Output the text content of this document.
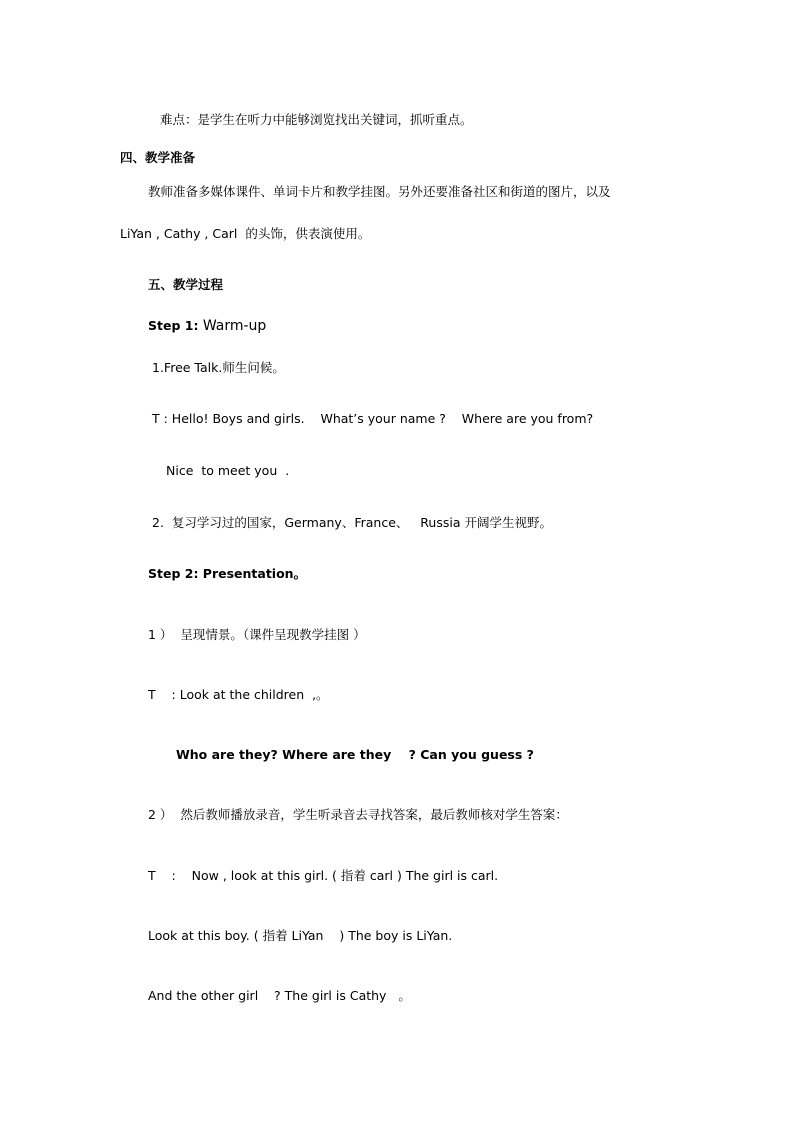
难点：是学生在听力中能够浏览找出关键词，抓听重点。
四、教学准备
教师准备多媒体课件、单词卡片和教学挂图。另外还要准备社区和街道的图片，以及
LiYan , Cathy , Carl  的头饰，供表演使用。
五、教学过程
Step 1: Warm-up
1.Free Talk.师生问候。
T : Hello! Boys and girls.    What’s your name ?    Where are you from?
Nice  to meet you  .
2.  复习学习过的国家，Germany、France、   Russia 开阔学生视野。
Step 2: Presentation。
1 ）  呈现情景。（课件呈现教学挂图 ）
T    : Look at the children  ,。
Who are they? Where are they    ? Can you guess ?
2 ）  然后教师播放录音，学生听录音去寻找答案，最后教师核对学生答案：
T    :    Now , look at this girl. ( 指着 carl ) The girl is carl.
Look at this boy. ( 指着 LiYan    ) The boy is LiYan.
And the other girl    ? The girl is Cathy   。
